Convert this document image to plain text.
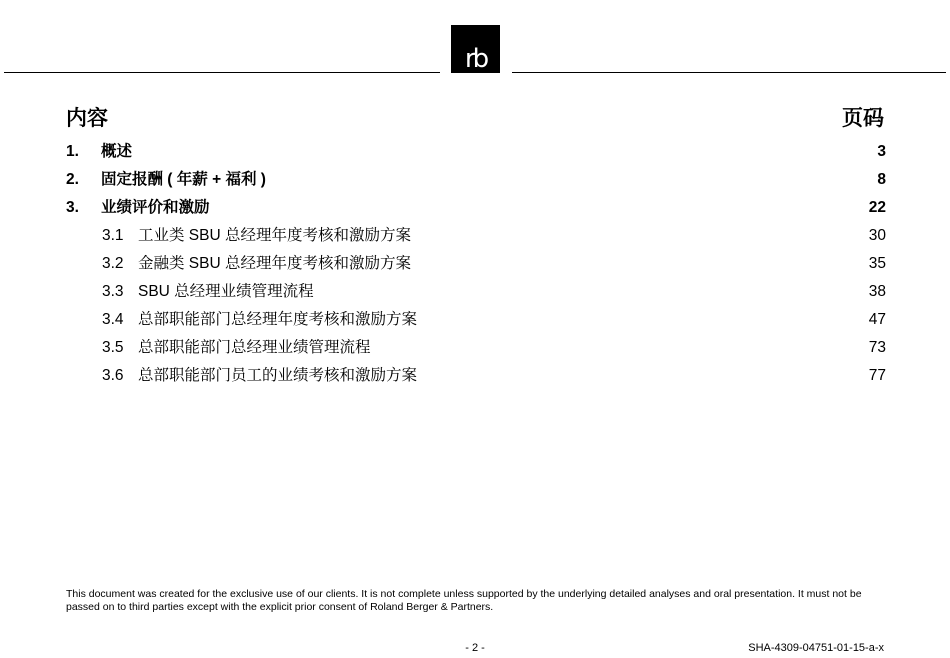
rb
内容	页码
1. 概述	3
2. 固定报酬 ( 年薪 + 福利 )	8
3. 业绩评价和激励	22
3.1 工业类 SBU 总经理年度考核和激励方案	30
3.2 金融类 SBU 总经理年度考核和激励方案	35
3.3 SBU 总经理业绩管理流程	38
3.4 总部职能部门总经理年度考核和激励方案	47
3.5 总部职能部门总经理业绩管理流程	73
3.6 总部职能部门员工的业绩考核和激励方案	77
This document was created for the exclusive use of our clients. It is not complete unless supported by the underlying detailed analyses and oral presentation. It must not be passed on to third parties except with the explicit prior consent of Roland Berger & Partners.
- 2 -	SHA-4309-04751-01-15-a-x
